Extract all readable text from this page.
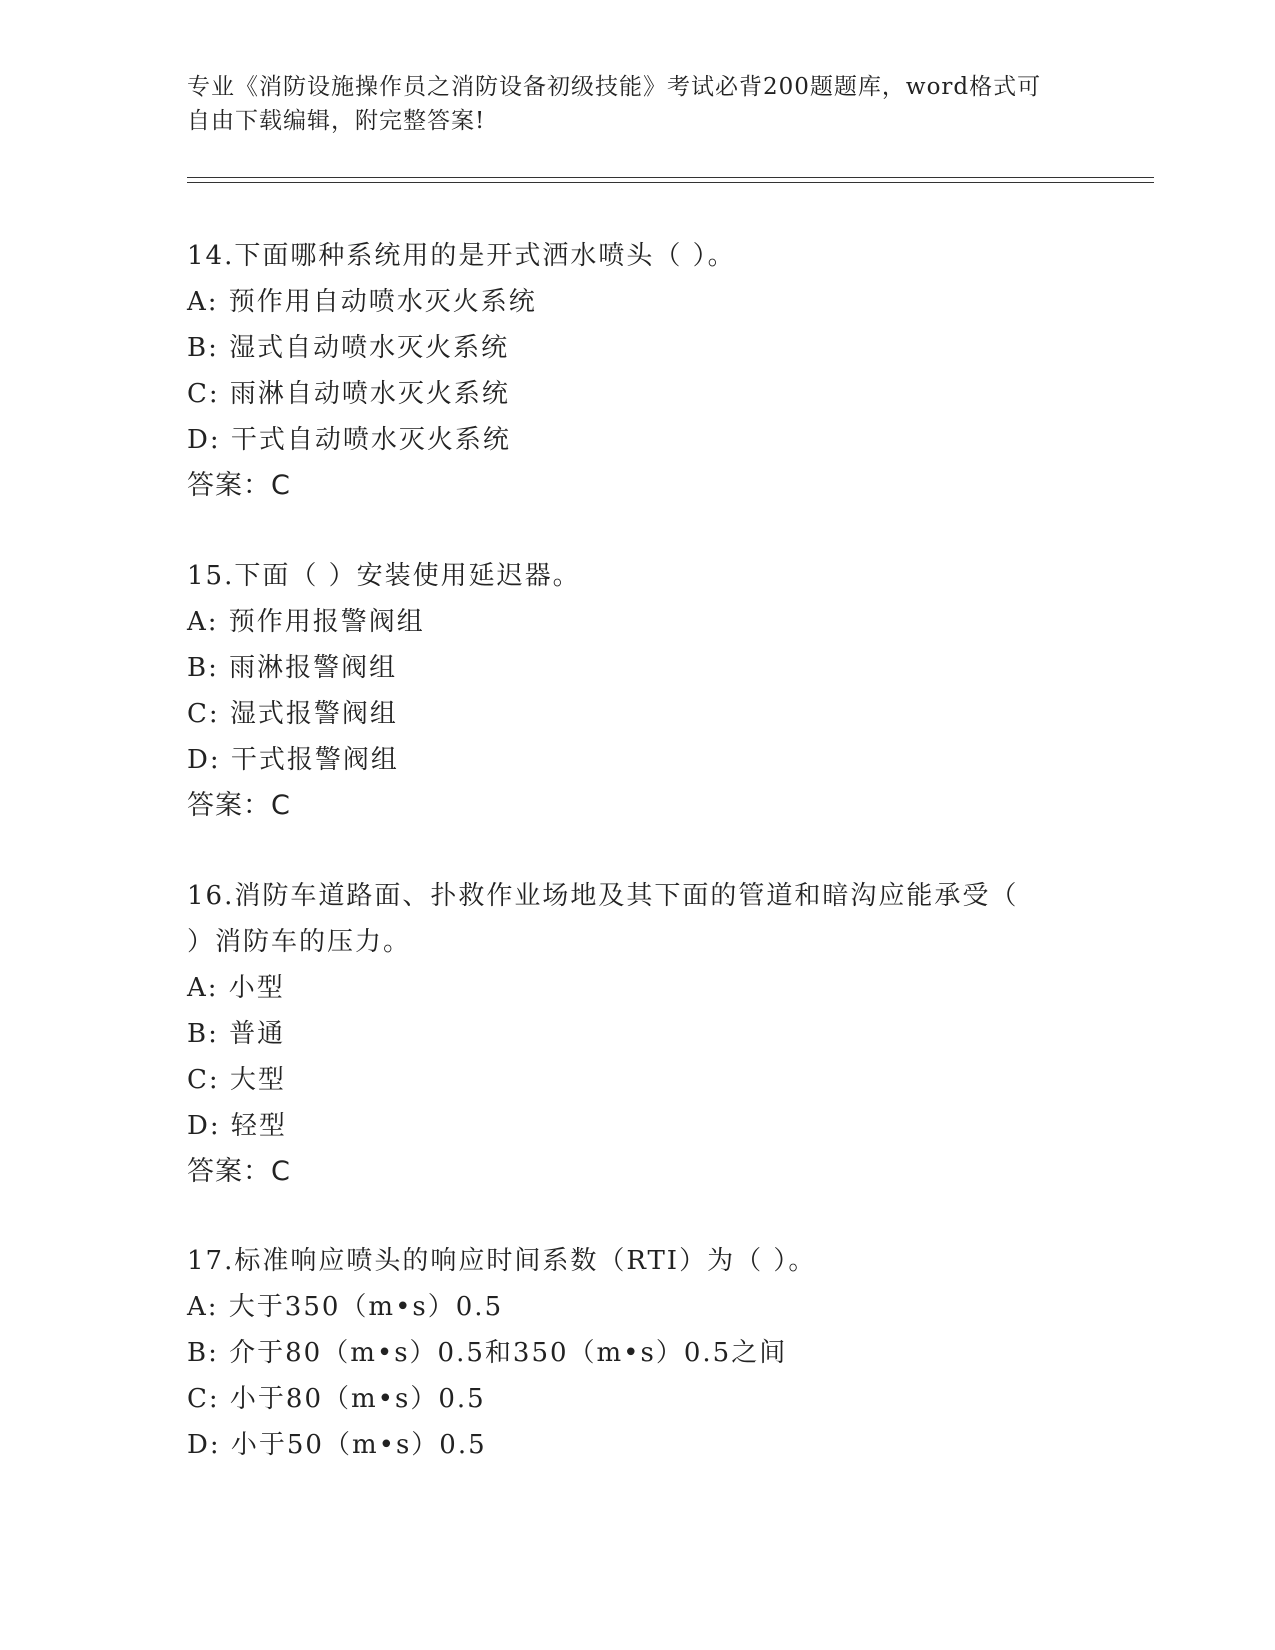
专业《消防设施操作员之消防设备初级技能》考试必背200题题库，word格式可
自由下载编辑，附完整答案!
14.下面哪种系统用的是开式洒水喷头（ ）。
A: 预作用自动喷水灭火系统
B: 湿式自动喷水灭火系统
C: 雨淋自动喷水灭火系统
D: 干式自动喷水灭火系统
答案：C
15.下面（ ）安装使用延迟器。
A: 预作用报警阀组
B: 雨淋报警阀组
C: 湿式报警阀组
D: 干式报警阀组
答案：C
16.消防车道路面、扑救作业场地及其下面的管道和暗沟应能承受（
）消防车的压力。
A: 小型
B: 普通
C: 大型
D: 轻型
答案：C
17.标准响应喷头的响应时间系数（RTI）为（ ）。
A: 大于350（m•s）0.5
B: 介于80（m•s）0.5和350（m•s）0.5之间
C: 小于80（m•s）0.5
D: 小于50（m•s）0.5
